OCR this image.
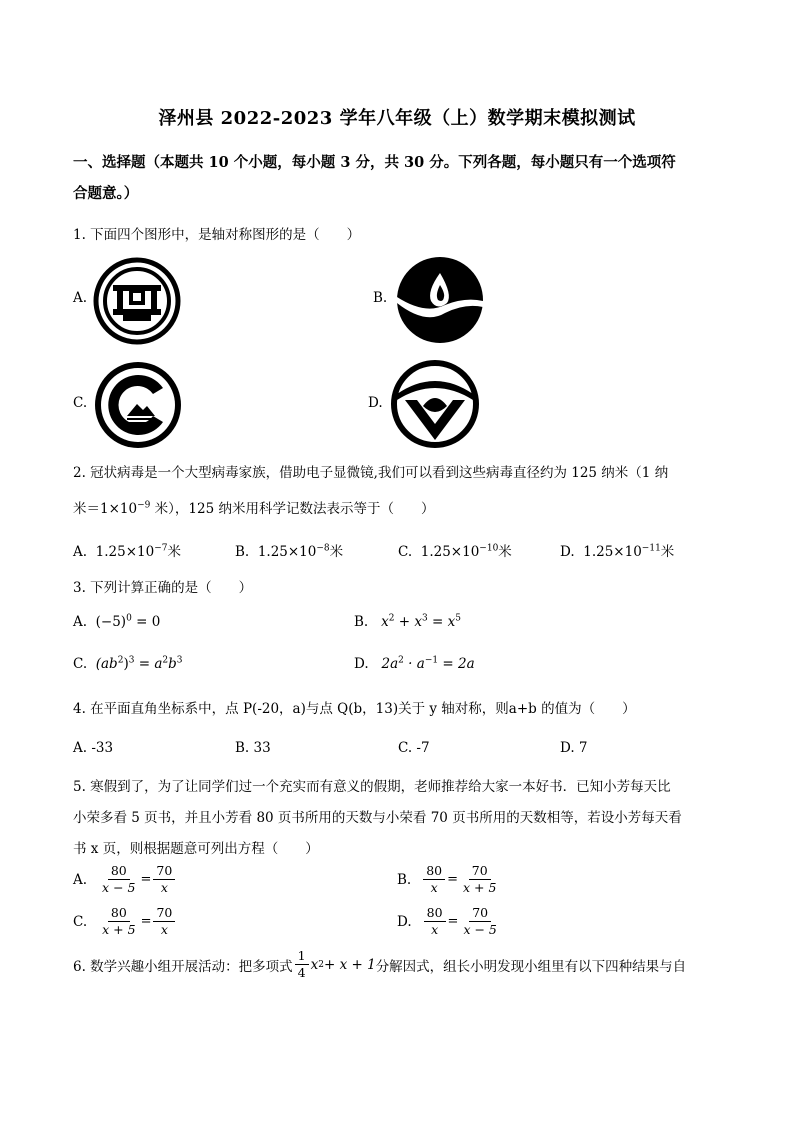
泽州县 2022-2023 学年八年级（上）数学期末模拟测试
一、选择题（本题共 10 个小题，每小题 3 分，共 30 分。下列各题，每小题只有一个选项符
合题意。）
1. 下面四个图形中，是轴对称图形的是（　　）
A.	B.
C.	D.
2. 冠状病毒是一个大型病毒家族，借助电子显微镜,我们可以看到这些病毒直径约为 125 纳米（1 纳
米$=1\times 10^{-9}$ 米），125 纳米用科学记数法表示等于（　　）
A. $1.25\times 10^{-7}$米	B. $1.25\times 10^{-8}$米	C. $1.25\times 10^{-10}$米	D. $1.25\times 10^{-11}$米
3. 下列计算正确的是（　　）
A. $(-5)^0 = 0$	B. $x^2 + x^3 = x^5$
C. $(ab^2)^3 = a^2b^3$	D. $2a^2 \cdot a^{-1} = 2a$
4. 在平面直角坐标系中，点 P(-20，a)与点 Q(b，13)关于 y 轴对称，则a+b 的值为（　　）
A. -33	B. 33	C. -7	D. 7
5. 寒假到了，为了让同学们过一个充实而有意义的假期，老师推荐给大家一本好书．已知小芳每天比
小荣多看 5 页书，并且小芳看 80 页书所用的天数与小荣看 70 页书所用的天数相等，若设小芳每天看
书 x 页，则根据题意可列出方程（　　）
A. $\frac{80}{x - 5} = \frac{70}{x}$	B. $\frac{80}{x} = \frac{70}{x + 5}$
C. $\frac{80}{x + 5} = \frac{70}{x}$	D. $\frac{80}{x} = \frac{70}{x - 5}$
6. 数学兴趣小组开展活动：把多项式 $\frac{1}{4}$ x 2 + x + 1 分解因式，组长小明发现小组里有以下四种结果与自
